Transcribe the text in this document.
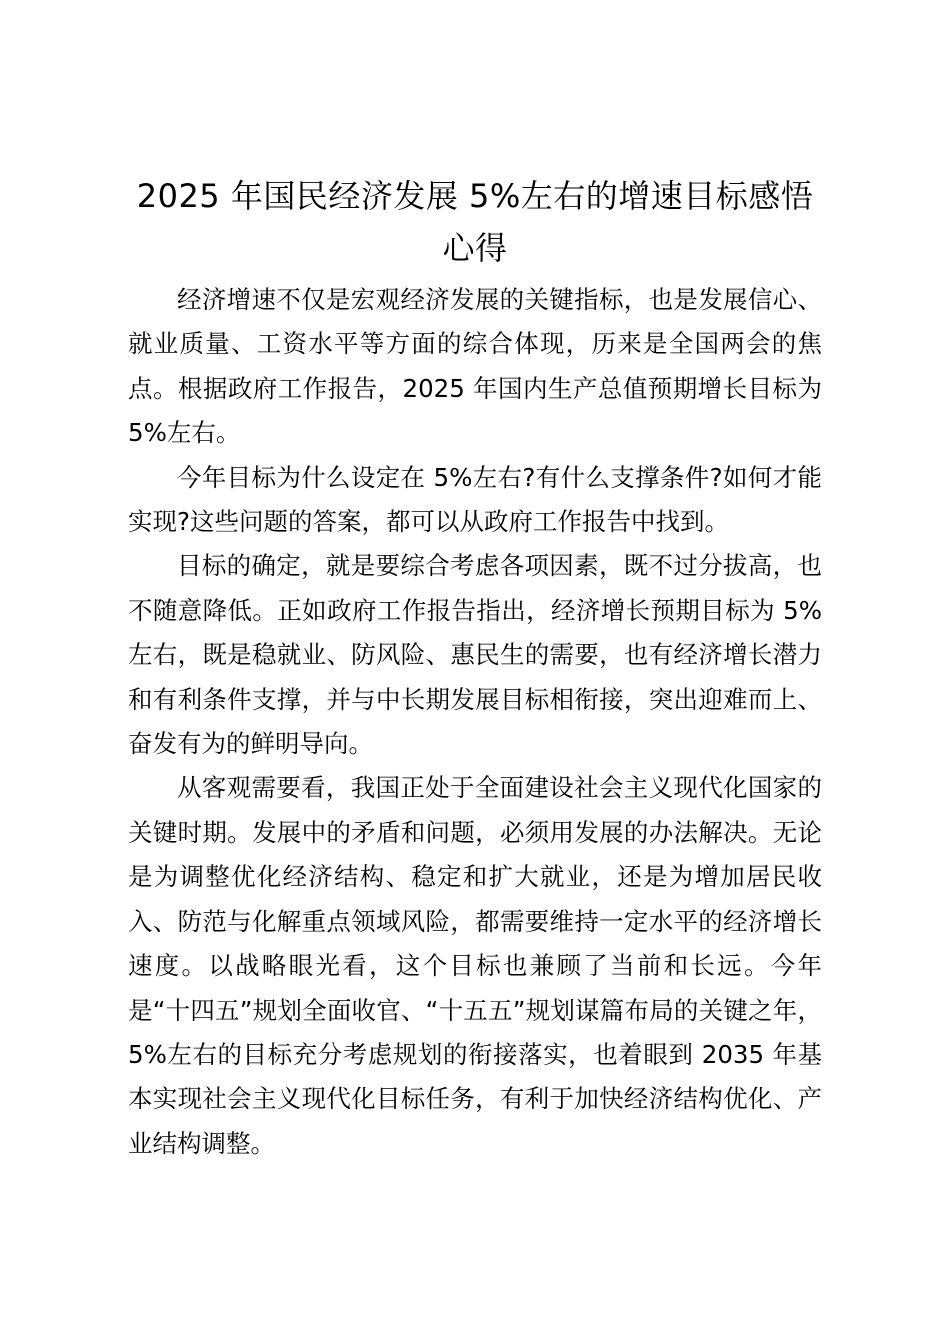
2025 年国民经济发展 5%左右的增速目标感悟心得

经济增速不仅是宏观经济发展的关键指标，也是发展信心、就业质量、工资水平等方面的综合体现，历来是全国两会的焦点。根据政府工作报告，2025 年国内生产总值预期增长目标为 5%左右。

今年目标为什么设定在 5%左右?有什么支撑条件?如何才能实现?这些问题的答案，都可以从政府工作报告中找到。

目标的确定，就是要综合考虑各项因素，既不过分拔高，也不随意降低。正如政府工作报告指出，经济增长预期目标为 5%左右，既是稳就业、防风险、惠民生的需要，也有经济增长潜力和有利条件支撑，并与中长期发展目标相衔接，突出迎难而上、奋发有为的鲜明导向。

从客观需要看，我国正处于全面建设社会主义现代化国家的关键时期。发展中的矛盾和问题，必须用发展的办法解决。无论是为调整优化经济结构、稳定和扩大就业，还是为增加居民收入、防范与化解重点领域风险，都需要维持一定水平的经济增长速度。以战略眼光看，这个目标也兼顾了当前和长远。今年是“十四五”规划全面收官、“十五五”规划谋篇布局的关键之年，5%左右的目标充分考虑规划的衔接落实，也着眼到 2035 年基本实现社会主义现代化目标任务，有利于加快经济结构优化、产业结构调整。
